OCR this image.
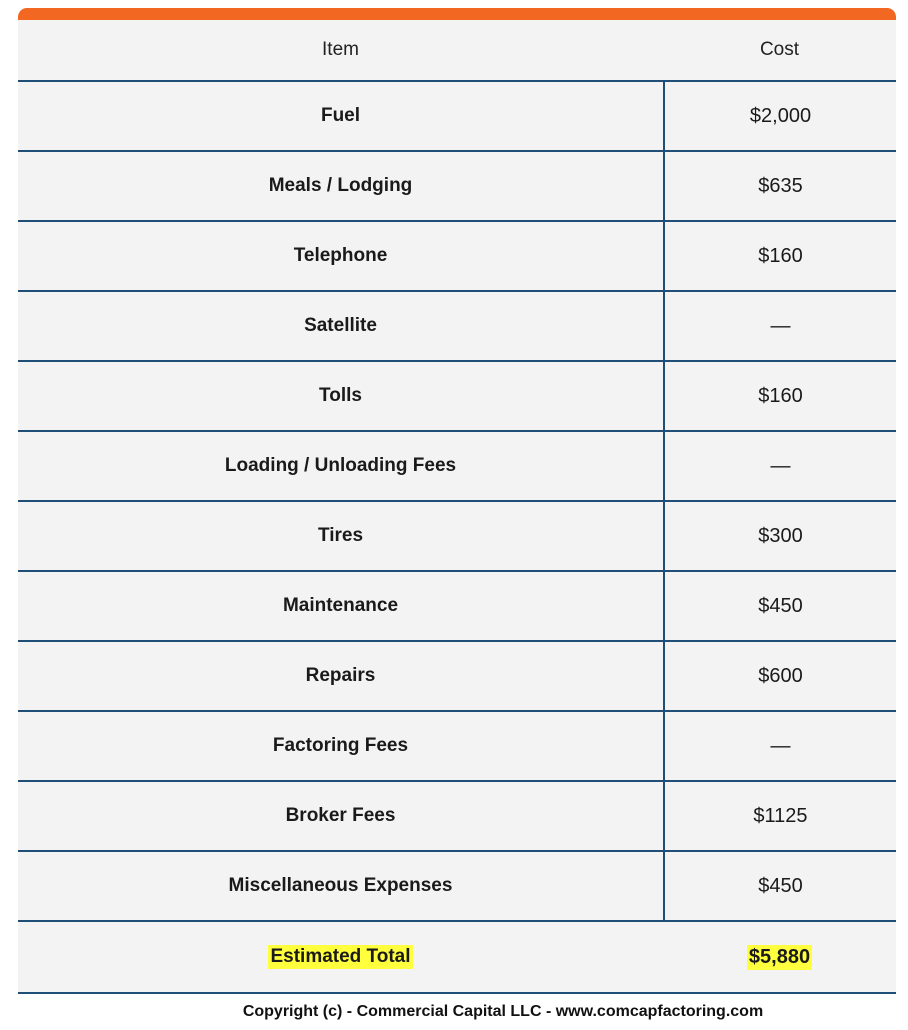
Item	Cost
Fuel	$2,000
Meals / Lodging	$635
Telephone	$160
Satellite	—
Tolls	$160
Loading / Unloading Fees	—
Tires	$300
Maintenance	$450
Repairs	$600
Factoring Fees	—
Broker Fees	$1125
Miscellaneous Expenses	$450
Estimated Total	$5,880
Copyright (c) - Commercial Capital LLC - www.comcapfactoring.com
